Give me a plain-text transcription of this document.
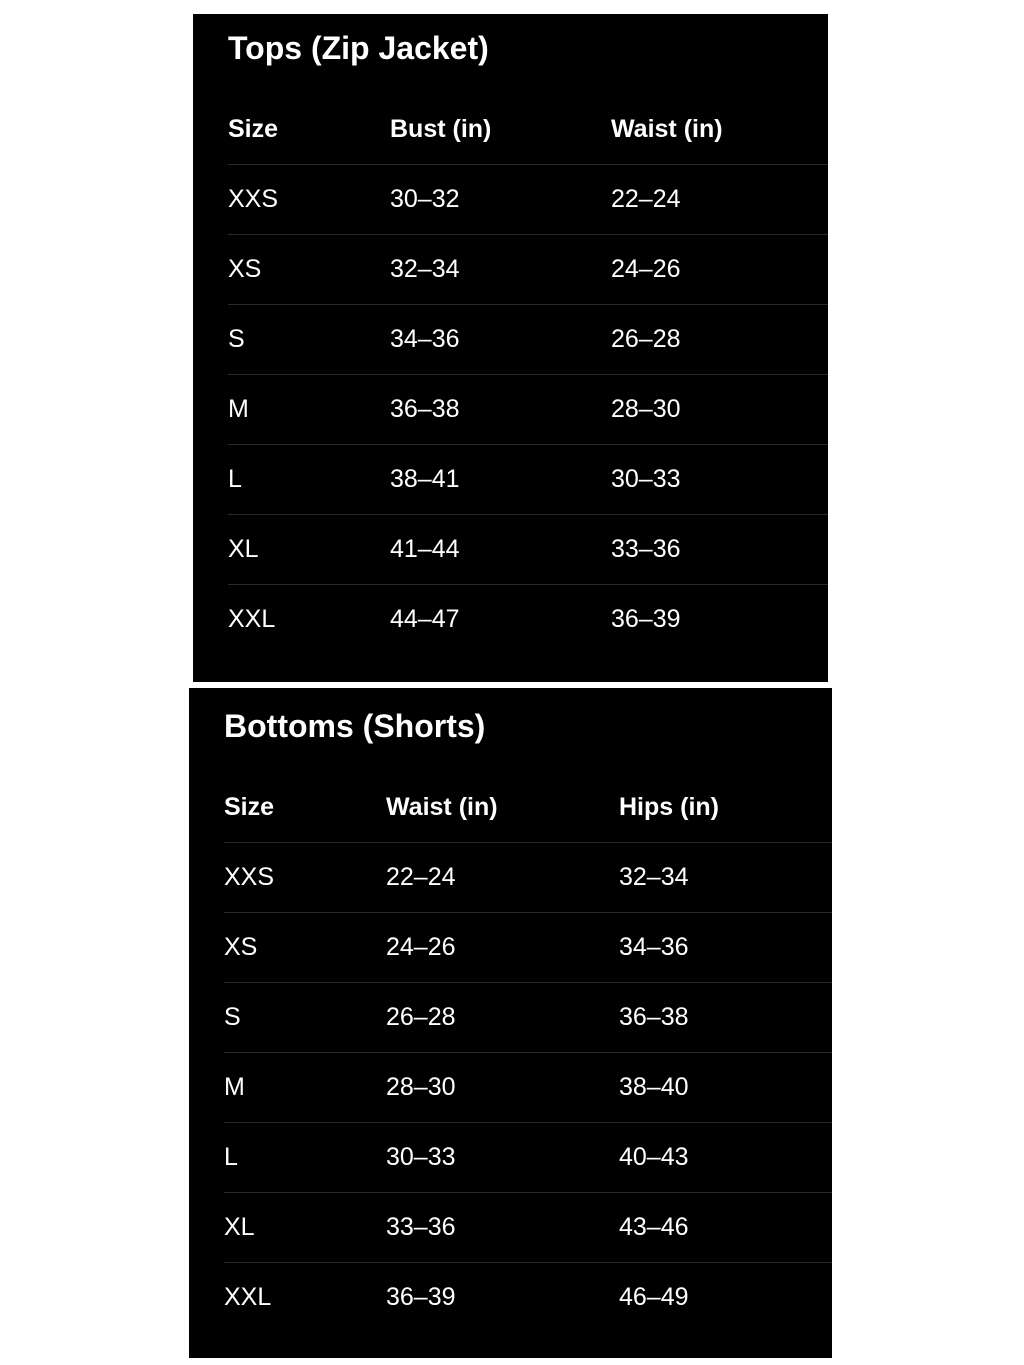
Tops (Zip Jacket)
Size	Bust (in)	Waist (in)
XXS	30–32	22–24
XS	32–34	24–26
S	34–36	26–28
M	36–38	28–30
L	38–41	30–33
XL	41–44	33–36
XXL	44–47	36–39
Bottoms (Shorts)
Size	Waist (in)	Hips (in)
XXS	22–24	32–34
XS	24–26	34–36
S	26–28	36–38
M	28–30	38–40
L	30–33	40–43
XL	33–36	43–46
XXL	36–39	46–49
